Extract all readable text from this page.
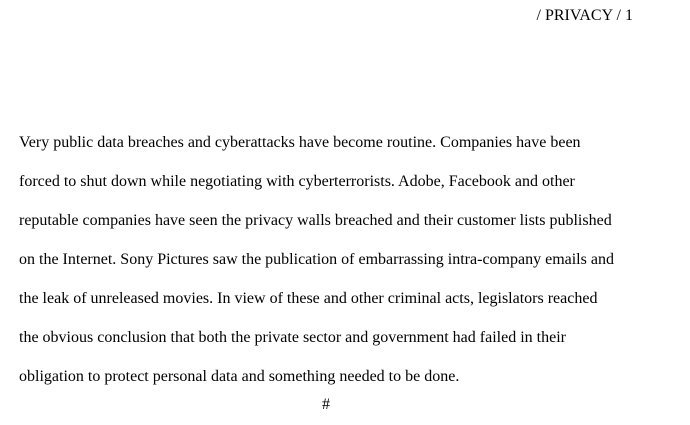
/ PRIVACY / 1
Very public data breaches and cyberattacks have become routine. Companies have been
forced to shut down while negotiating with cyberterrorists. Adobe, Facebook and other
reputable companies have seen the privacy walls breached and their customer lists published
on the Internet. Sony Pictures saw the publication of embarrassing intra-company emails and
the leak of unreleased movies. In view of these and other criminal acts, legislators reached
the obvious conclusion that both the private sector and government had failed in their
obligation to protect personal data and something needed to be done.
#
